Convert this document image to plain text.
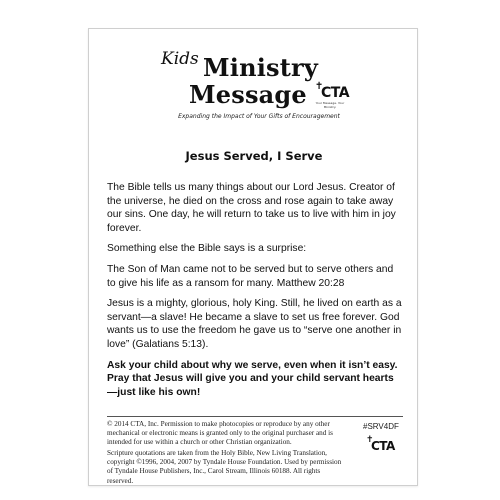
Kids Ministry
Message ✝
CTA
Your Message. Your Ministry.
Expanding the Impact of Your Gifts of Encouragement
Jesus Served, I Serve

The Bible tells us many things about our Lord Jesus. Creator of the universe, he died on the cross and rose again to take away our sins. One day, he will return to take us to live with him in joy forever.

Something else the Bible says is a surprise:

The Son of Man came not to be served but to serve others and to give his life as a ransom for many. Matthew 20:28

Jesus is a mighty, glorious, holy King. Still, he lived on earth as a servant—a slave! He became a slave to set us free forever. God wants us to use the freedom he gave us to “serve one another in love” (Galatians 5:13).

Ask your child about why we serve, even when it isn’t easy. Pray that Jesus will give you and your child servant hearts—just like his own!

© 2014 CTA, Inc. Permission to make photocopies or reproduce by any other mechanical or electronic means is granted only to the original purchaser and is intended for use within a church or other Christian organization.

Scripture quotations are taken from the Holy Bible, New Living Translation, copyright ©1996, 2004, 2007 by Tyndale House Foundation. Used by permission of Tyndale House Publishers, Inc., Carol Stream, Illinois 60188. All rights reserved.

#SRV4DF
✝
CTA
